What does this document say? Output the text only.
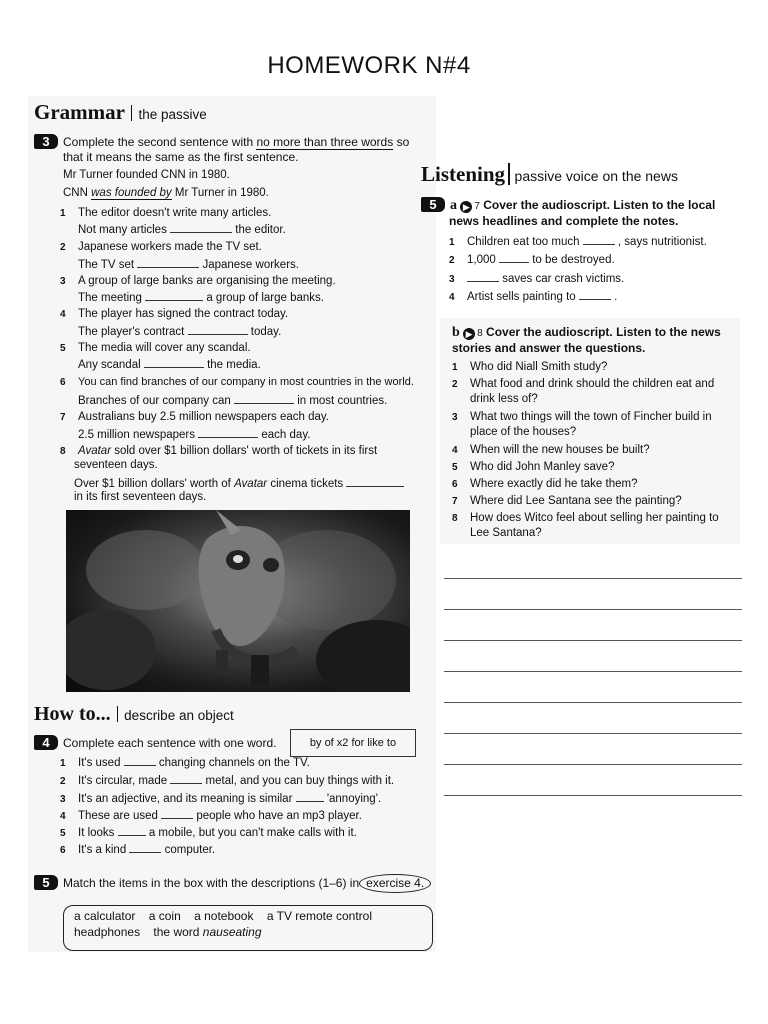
HOMEWORK N#4
Grammar the passive
3 Complete the second sentence with no more than three words so
that it means the same as the first sentence.
Mr Turner founded CNN in 1980.
CNN was founded by Mr Turner in 1980.
1 The editor doesn't write many articles.
Not many articles	the editor.
2 Japanese workers made the TV set.
The TV set	Japanese workers.
3 A group of large banks are organising the meeting.
The meeting	a group of large banks.
4 The player has signed the contract today.
The player's contract	today.
5 The media will cover any scandal.
Any scandal	the media.
6 You can find branches of our company in most countries in the world.
Branches of our company can	in most countries.
7 Australians buy 2.5 million newspapers each day.
2.5 million newspapers	each day.
8 Avatar sold over $1 billion dollars' worth of tickets in its first
seventeen days.
Over $1 billion dollars' worth of Avatar cinema tickets
in its first seventeen days.
How to... describe an object
4 Complete each sentence with one word.	by of x2 for like to
1 It's used	changing channels on the TV.
2 It's circular, made	metal, and you can buy things with it.
3 It's an adjective, and its meaning is similar	'annoying'.
4 These are used	people who have an mp3 player.
5 It looks	a mobile, but you can't make calls with it.
6 It's a kind	computer.
5 Match the items in the box with the descriptions (1–6) in exercise 4.
a calculator a coin a notebook a TV remote control
headphones the word nauseating
Listening passive voice on the news
5 a ▶ 7 Cover the audioscript. Listen to the local
news headlines and complete the notes.
1 Children eat too much	, says nutritionist.
2 1,000	to be destroyed.
3	saves car crash victims.
4 Artist sells painting to	.
b ▶ 8 Cover the audioscript. Listen to the news
stories and answer the questions.
1 Who did Niall Smith study?
2 What food and drink should the children eat and
drink less of?
3 What two things will the town of Fincher build in
place of the houses?
4 When will the new houses be built?
5 Who did John Manley save?
6 Where exactly did he take them?
7 Where did Lee Santana see the painting?
8 How does Witco feel about selling her painting to
Lee Santana?
